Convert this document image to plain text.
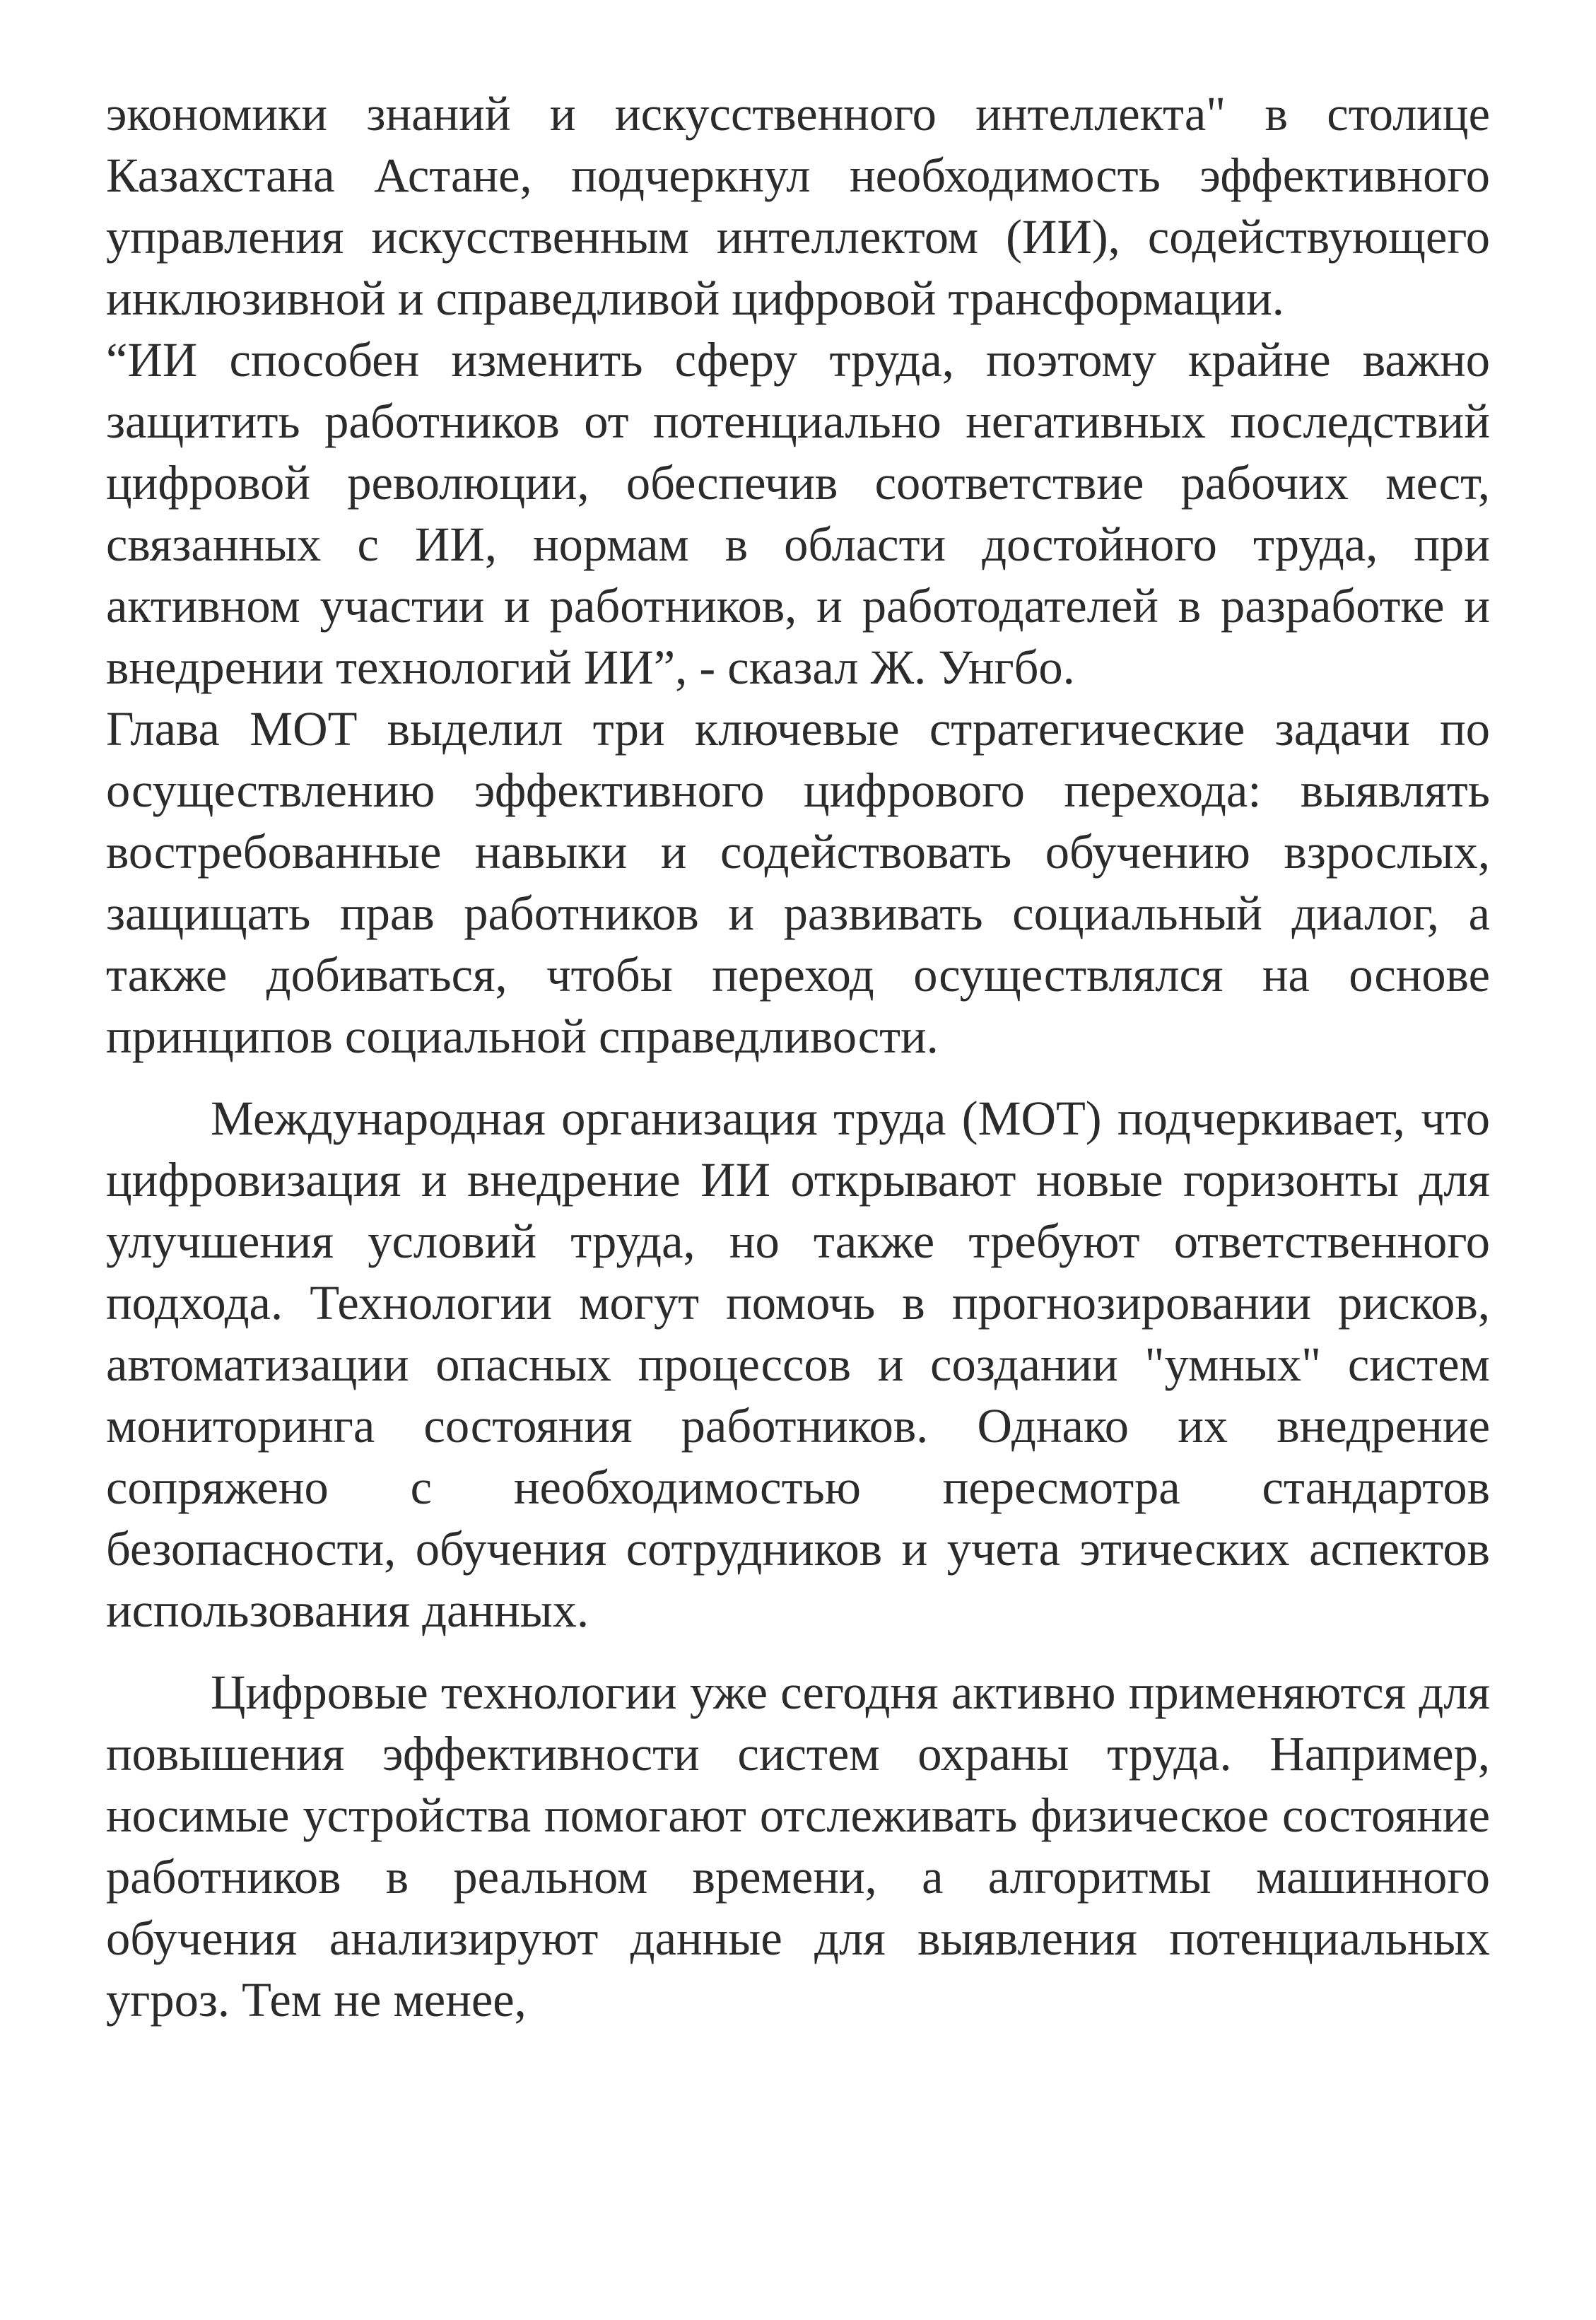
экономики знаний и искусственного интеллекта" в столице Казахстана Астане, подчеркнул необходимость эффективного управления искусственным интеллектом (ИИ), содействующего инклюзивной и справедливой цифровой трансформации.

“ИИ способен изменить сферу труда, поэтому крайне важно защитить работников от потенциально негативных последствий цифровой революции, обеспечив соответствие рабочих мест, связанных с ИИ, нормам в области достойного труда, при активном участии и работников, и работодателей в разработке и внедрении технологий ИИ”, - сказал Ж. Унгбо.

Глава МОТ выделил три ключевые стратегические задачи по осуществлению эффективного цифрового перехода: выявлять востребованные навыки и содействовать обучению взрослых, защищать прав работников и развивать социальный диалог, а также добиваться, чтобы переход осуществлялся на основе принципов социальной справедливости.

Международная организация труда (МОТ) подчеркивает, что цифровизация и внедрение ИИ открывают новые горизонты для улучшения условий труда, но также требуют ответственного подхода. Технологии могут помочь в прогнозировании рисков, автоматизации опасных процессов и создании "умных" систем мониторинга состояния работников. Однако их внедрение сопряжено с необходимостью пересмотра стандартов безопасности, обучения сотрудников и учета этических аспектов использования данных.

Цифровые технологии уже сегодня активно применяются для повышения эффективности систем охраны труда. Например, носимые устройства помогают отслеживать физическое состояние работников в реальном времени, а алгоритмы машинного обучения анализируют данные для выявления потенциальных угроз. Тем не менее,
